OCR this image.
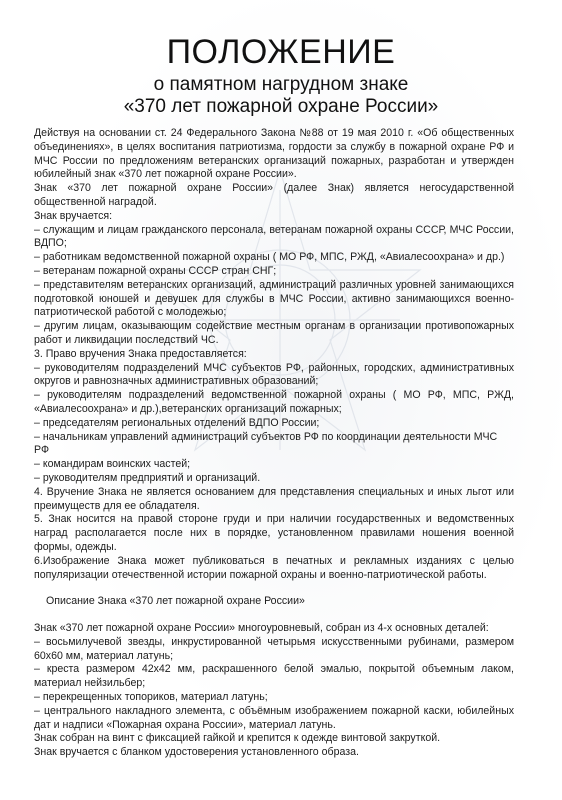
ПОЛОЖЕНИЕ
о памятном нагрудном знаке
«370 лет пожарной охране России»

Действуя на основании ст. 24 Федерального Закона №88 от 19 мая 2010 г. «Об общественных объединениях», в целях воспитания патриотизма, гордости за службу в пожарной охране РФ и МЧС России по предложениям ветеранских организаций пожарных, разработан и утвержден юбилейный знак «370 лет пожарной охране России».

Знак «370 лет пожарной охране России» (далее Знак) является негосударственной общественной наградой.

Знак вручается:

– служащим и лицам гражданского персонала, ветеранам пожарной охраны СССР, МЧС России, ВДПО;

– работникам ведомственной пожарной охраны ( МО РФ, МПС, РЖД, «Авиалесоохрана» и др.)

– ветеранам пожарной охраны СССР стран СНГ;

– представителям ветеранских организаций, администраций различных уровней занимающихся подготовкой юношей и девушек для службы в МЧС России, активно занимающихся военно-патриотической работой с молодежью;

– другим лицам, оказывающим содействие местным органам в организации противопожарных работ и ликвидации последствий ЧС.

3. Право вручения Знака предоставляется:

– руководителям подразделений МЧС субъектов РФ, районных, городских, административных округов и равнозначных административных образований;

– руководителям подразделений ведомственной пожарной охраны ( МО РФ, МПС, РЖД, «Авиалесоохрана» и др.),ветеранских организаций пожарных;

– председателям региональных отделений ВДПО России;

– начальникам управлений администраций субъектов РФ по координации деятельности МЧС РФ

– командирам воинских частей;

– руководителям предприятий и организаций.

4. Вручение Знака не является основанием для представления специальных и иных льгот или преимуществ для ее обладателя.

5. Знак носится на правой стороне груди и при наличии государственных и ведомственных наград располагается после них в порядке, установленном правилами ношения военной формы, одежды.

6.Изображение Знака может публиковаться в печатных и рекламных изданиях с целью популяризации отечественной истории пожарной охраны и военно-патриотической работы.

Описание Знака «370 лет пожарной охране России»

Знак «370 лет пожарной охране России» многоуровневый, собран из 4-х основных деталей:

– восьмилучевой звезды, инкрустированной четырьмя искусственными рубинами, размером 60х60 мм, материал латунь;

– креста размером 42х42 мм, раскрашенного белой эмалью, покрытой объемным лаком, материал нейзильбер;

– перекрещенных топориков, материал латунь;

– центрального накладного элемента, с объёмным изображением пожарной каски, юбилейных дат и надписи «Пожарная охрана России», материал латунь.

Знак собран на винт с фиксацией гайкой и крепится к одежде винтовой закруткой.

Знак вручается с бланком удостоверения установленного образа.
